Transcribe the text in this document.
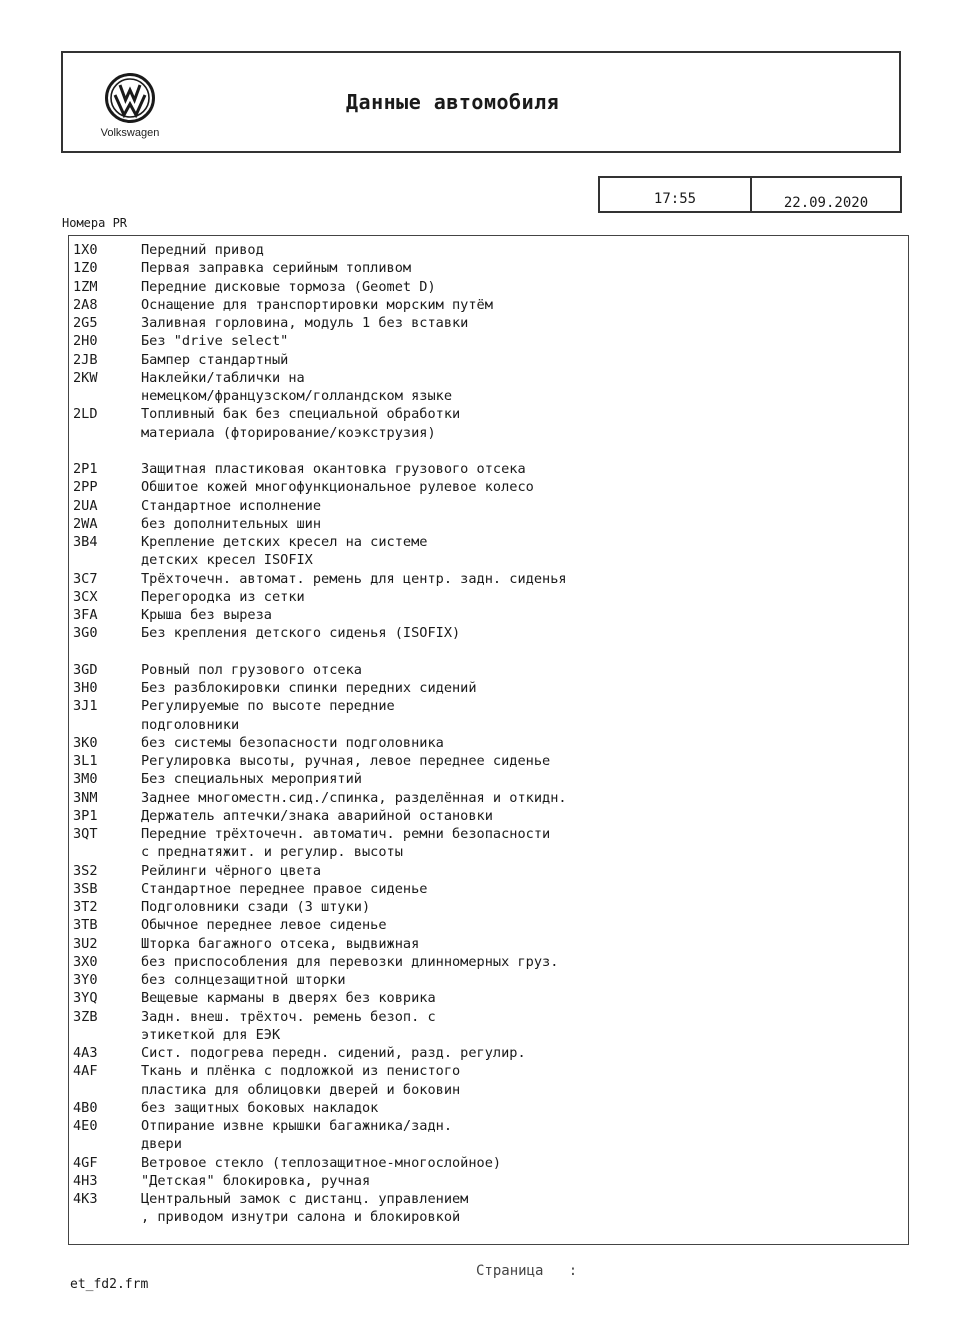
Volkswagen
Данные автомобиля
17:55	22.09.2020
Номера PR
1X0	Передний привод
1Z0	Первая заправка серийным топливом
1ZM	Передние дисковые тормоза (Geomet D)
2A8	Оснащение для транспортировки морским путём
2G5	Заливная горловина, модуль 1 без вставки
2H0	Без "drive select"
2JB	Бампер стандартный
2KW	Наклейки/таблички на
немецком/французском/голландском языке
2LD	Топливный бак без специальной обработки
материала (фторирование/коэкструзия)
2P1	Защитная пластиковая окантовка грузового отсека
2PP	Обшитое кожей многофункциональное рулевое колесо
2UA	Стандартное исполнение
2WA	без дополнительных шин
3B4	Крепление детских кресел на системе
детских кресел ISOFIX
3C7	Трёхточечн. автомат. ремень для центр. задн. сиденья
3CX	Перегородка из сетки
3FA	Крыша без выреза
3G0	Без крепления детского сиденья (ISOFIX)
3GD	Ровный пол грузового отсека
3H0	Без разблокировки спинки передних сидений
3J1	Регулируемые по высоте передние
подголовники
3K0	без системы безопасности подголовника
3L1	Регулировка высоты, ручная, левое переднее сиденье
3M0	Без специальных мероприятий
3NM	Заднее многоместн.сид./спинка, разделённая и откидн.
3P1	Держатель аптечки/знака аварийной остановки
3QT	Передние трёхточечн. автоматич. ремни безопасности
с преднатяжит. и регулир. высоты
3S2	Рейлинги чёрного цвета
3SB	Стандартное переднее правое сиденье
3T2	Подголовники сзади (3 штуки)
3TB	Обычное переднее левое сиденье
3U2	Шторка багажного отсека, выдвижная
3X0	без приспособления для перевозки длинномерных груз.
3Y0	без солнцезащитной шторки
3YQ	Вещевые карманы в дверях без коврика
3ZB	Задн. внеш. трёхточ. ремень безоп. с
этикеткой для ЕЭК
4A3	Сист. подогрева передн. сидений, разд. регулир.
4AF	Ткань и плёнка с подложкой из пенистого
пластика для облицовки дверей и боковин
4B0	без защитных боковых накладок
4E0	Отпирание извне крышки багажника/задн.
двери
4GF	Ветровое стекло (теплозащитное-многослойное)
4H3	"Детская" блокировка, ручная
4K3	Центральный замок с дистанц. управлением
, приводом изнутри салона и блокировкой
Страница   :
et_fd2.frm
